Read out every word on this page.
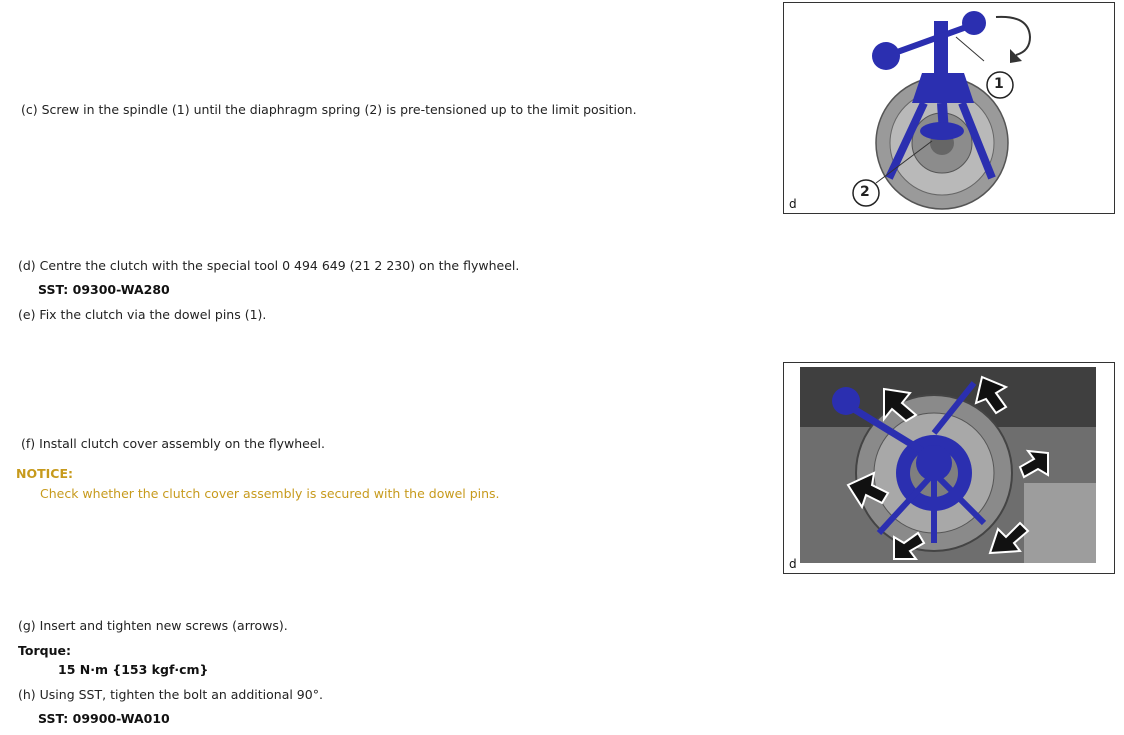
(c) Screw in the spindle (1) until the diaphragm spring (2) is pre-tensioned up to the limit position.
(d) Centre the clutch with the special tool 0 494 649 (21 2 230) on the flywheel.
SST: 09300-WA280
(e) Fix the clutch via the dowel pins (1).
(f) Install clutch cover assembly on the flywheel.
NOTICE:
Check whether the clutch cover assembly is secured with the dowel pins.
(g) Insert and tighten new screws (arrows).
Torque:
15 N·m {153 kgf·cm}
(h) Using SST, tighten the bolt an additional 90°.
SST: 09900-WA010
1
2
d
d
